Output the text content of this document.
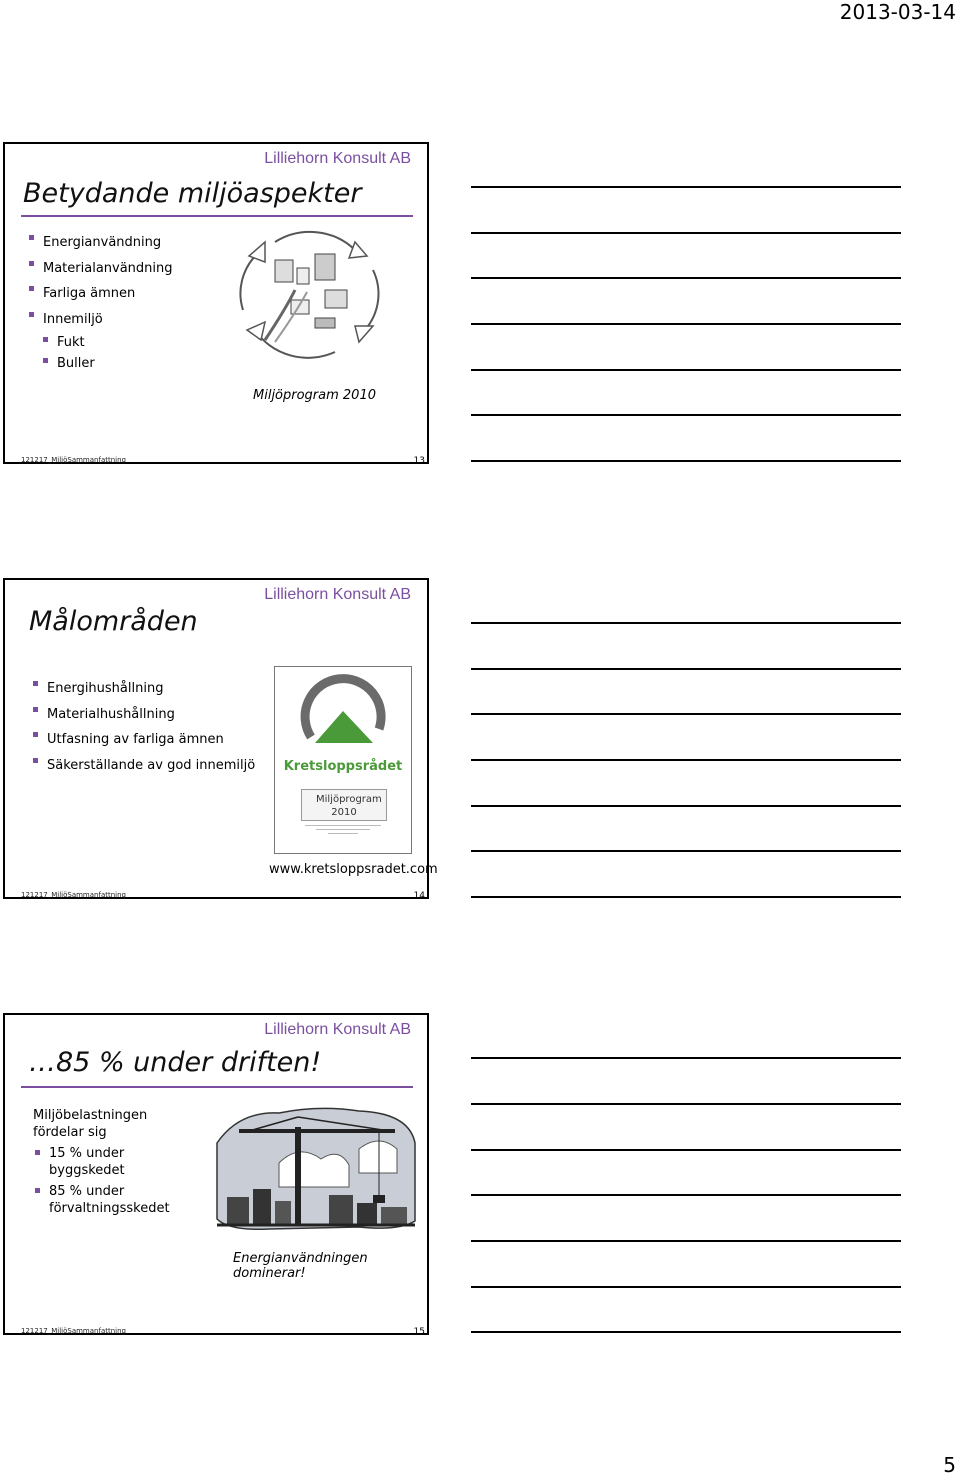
2013-03-14
Lilliehorn Konsult AB
Betydande miljöaspekter
Energianvändning
Materialanvändning
Farliga ämnen
Innemiljö
Fukt
Buller
Miljöprogram 2010
121217_MiljöSammanfattning	13
Lilliehorn Konsult AB
Målområden
Energihushållning
Materialhushållning
Utfasning av farliga ämnen
Säkerställande av god innemiljö	Kretsloppsrådet
Miljöprogram 2010
www.kretsloppsradet.com
121217_MiljöSammanfattning	14
Lilliehorn Konsult AB
…85 % under driften!
Miljöbelastningen
fördelar sig
15 % under
byggskedet
85 % under
förvaltningsskedet
Energianvändningen dominerar!
121217_MiljöSammanfattning	15
5
